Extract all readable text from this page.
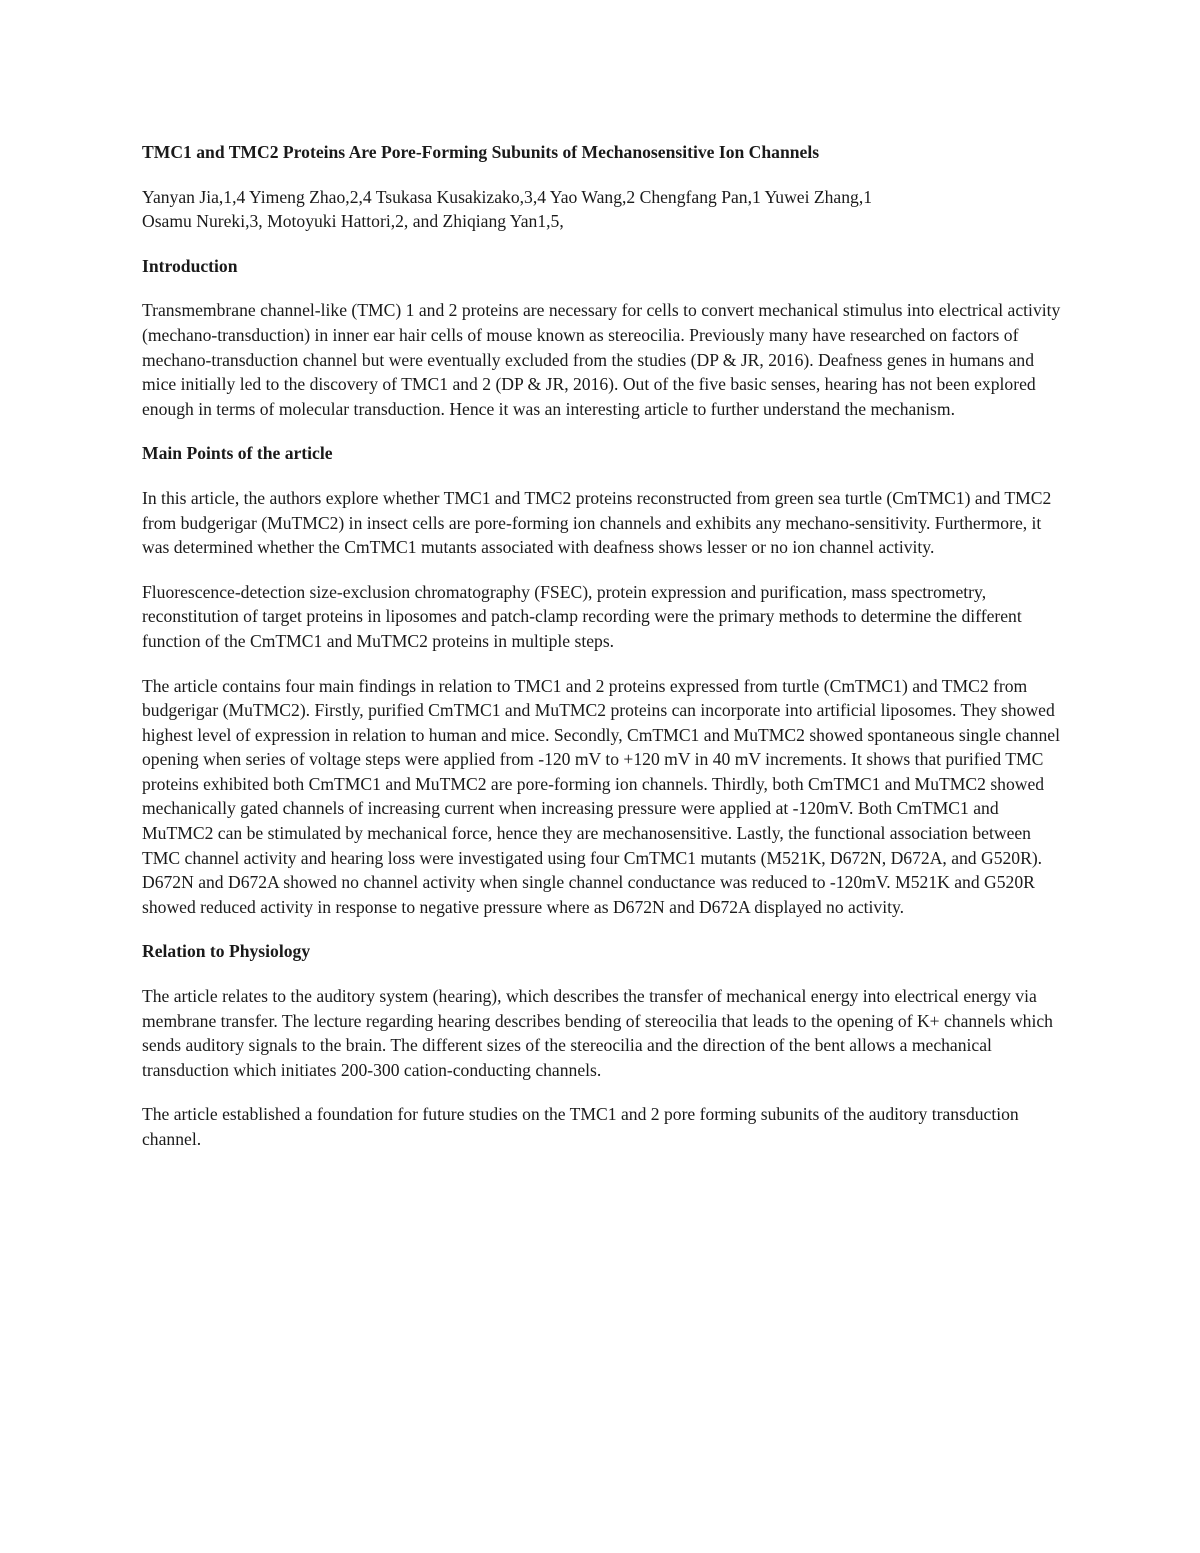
TMC1 and TMC2 Proteins Are Pore-Forming Subunits of Mechanosensitive Ion Channels
Yanyan Jia,1,4 Yimeng Zhao,2,4 Tsukasa Kusakizako,3,4 Yao Wang,2 Chengfang Pan,1 Yuwei Zhang,1
Osamu Nureki,3, Motoyuki Hattori,2, and Zhiqiang Yan1,5,
Introduction

Transmembrane channel-like (TMC) 1 and 2 proteins are necessary for cells to convert mechanical stimulus into electrical activity (mechano-transduction) in inner ear hair cells of mouse known as stereocilia. Previously many have researched on factors of mechano-transduction channel but were eventually excluded from the studies (DP & JR, 2016). Deafness genes in humans and mice initially led to the discovery of TMC1 and 2 (DP & JR, 2016). Out of the five basic senses, hearing has not been explored enough in terms of molecular transduction. Hence it was an interesting article to further understand the mechanism.

Main Points of the article

In this article, the authors explore whether TMC1 and TMC2 proteins reconstructed from green sea turtle (CmTMC1) and TMC2 from budgerigar (MuTMC2) in insect cells are pore-forming ion channels and exhibits any mechano-sensitivity. Furthermore, it was determined whether the CmTMC1 mutants associated with deafness shows lesser or no ion channel activity.

Fluorescence-detection size-exclusion chromatography (FSEC), protein expression and purification, mass spectrometry, reconstitution of target proteins in liposomes and patch-clamp recording were the primary methods to determine the different function of the CmTMC1 and MuTMC2 proteins in multiple steps.

The article contains four main findings in relation to TMC1 and 2 proteins expressed from turtle (CmTMC1) and TMC2 from budgerigar (MuTMC2). Firstly, purified CmTMC1 and MuTMC2 proteins can incorporate into artificial liposomes. They showed highest level of expression in relation to human and mice. Secondly, CmTMC1 and MuTMC2 showed spontaneous single channel opening when series of voltage steps were applied from -120 mV to +120 mV in 40 mV increments. It shows that purified TMC proteins exhibited both CmTMC1 and MuTMC2 are pore-forming ion channels. Thirdly, both CmTMC1 and MuTMC2 showed mechanically gated channels of increasing current when increasing pressure were applied at -120mV. Both CmTMC1 and MuTMC2 can be stimulated by mechanical force, hence they are mechanosensitive. Lastly, the functional association between TMC channel activity and hearing loss were investigated using four CmTMC1 mutants (M521K, D672N, D672A, and G520R). D672N and D672A showed no channel activity when single channel conductance was reduced to -120mV. M521K and G520R showed reduced activity in response to negative pressure where as D672N and D672A displayed no activity.

Relation to Physiology

The article relates to the auditory system (hearing), which describes the transfer of mechanical energy into electrical energy via membrane transfer. The lecture regarding hearing describes bending of stereocilia that leads to the opening of K+ channels which sends auditory signals to the brain. The different sizes of the stereocilia and the direction of the bent allows a mechanical transduction which initiates 200-300 cation-conducting channels.

The article established a foundation for future studies on the TMC1 and 2 pore forming subunits of the auditory transduction channel.
